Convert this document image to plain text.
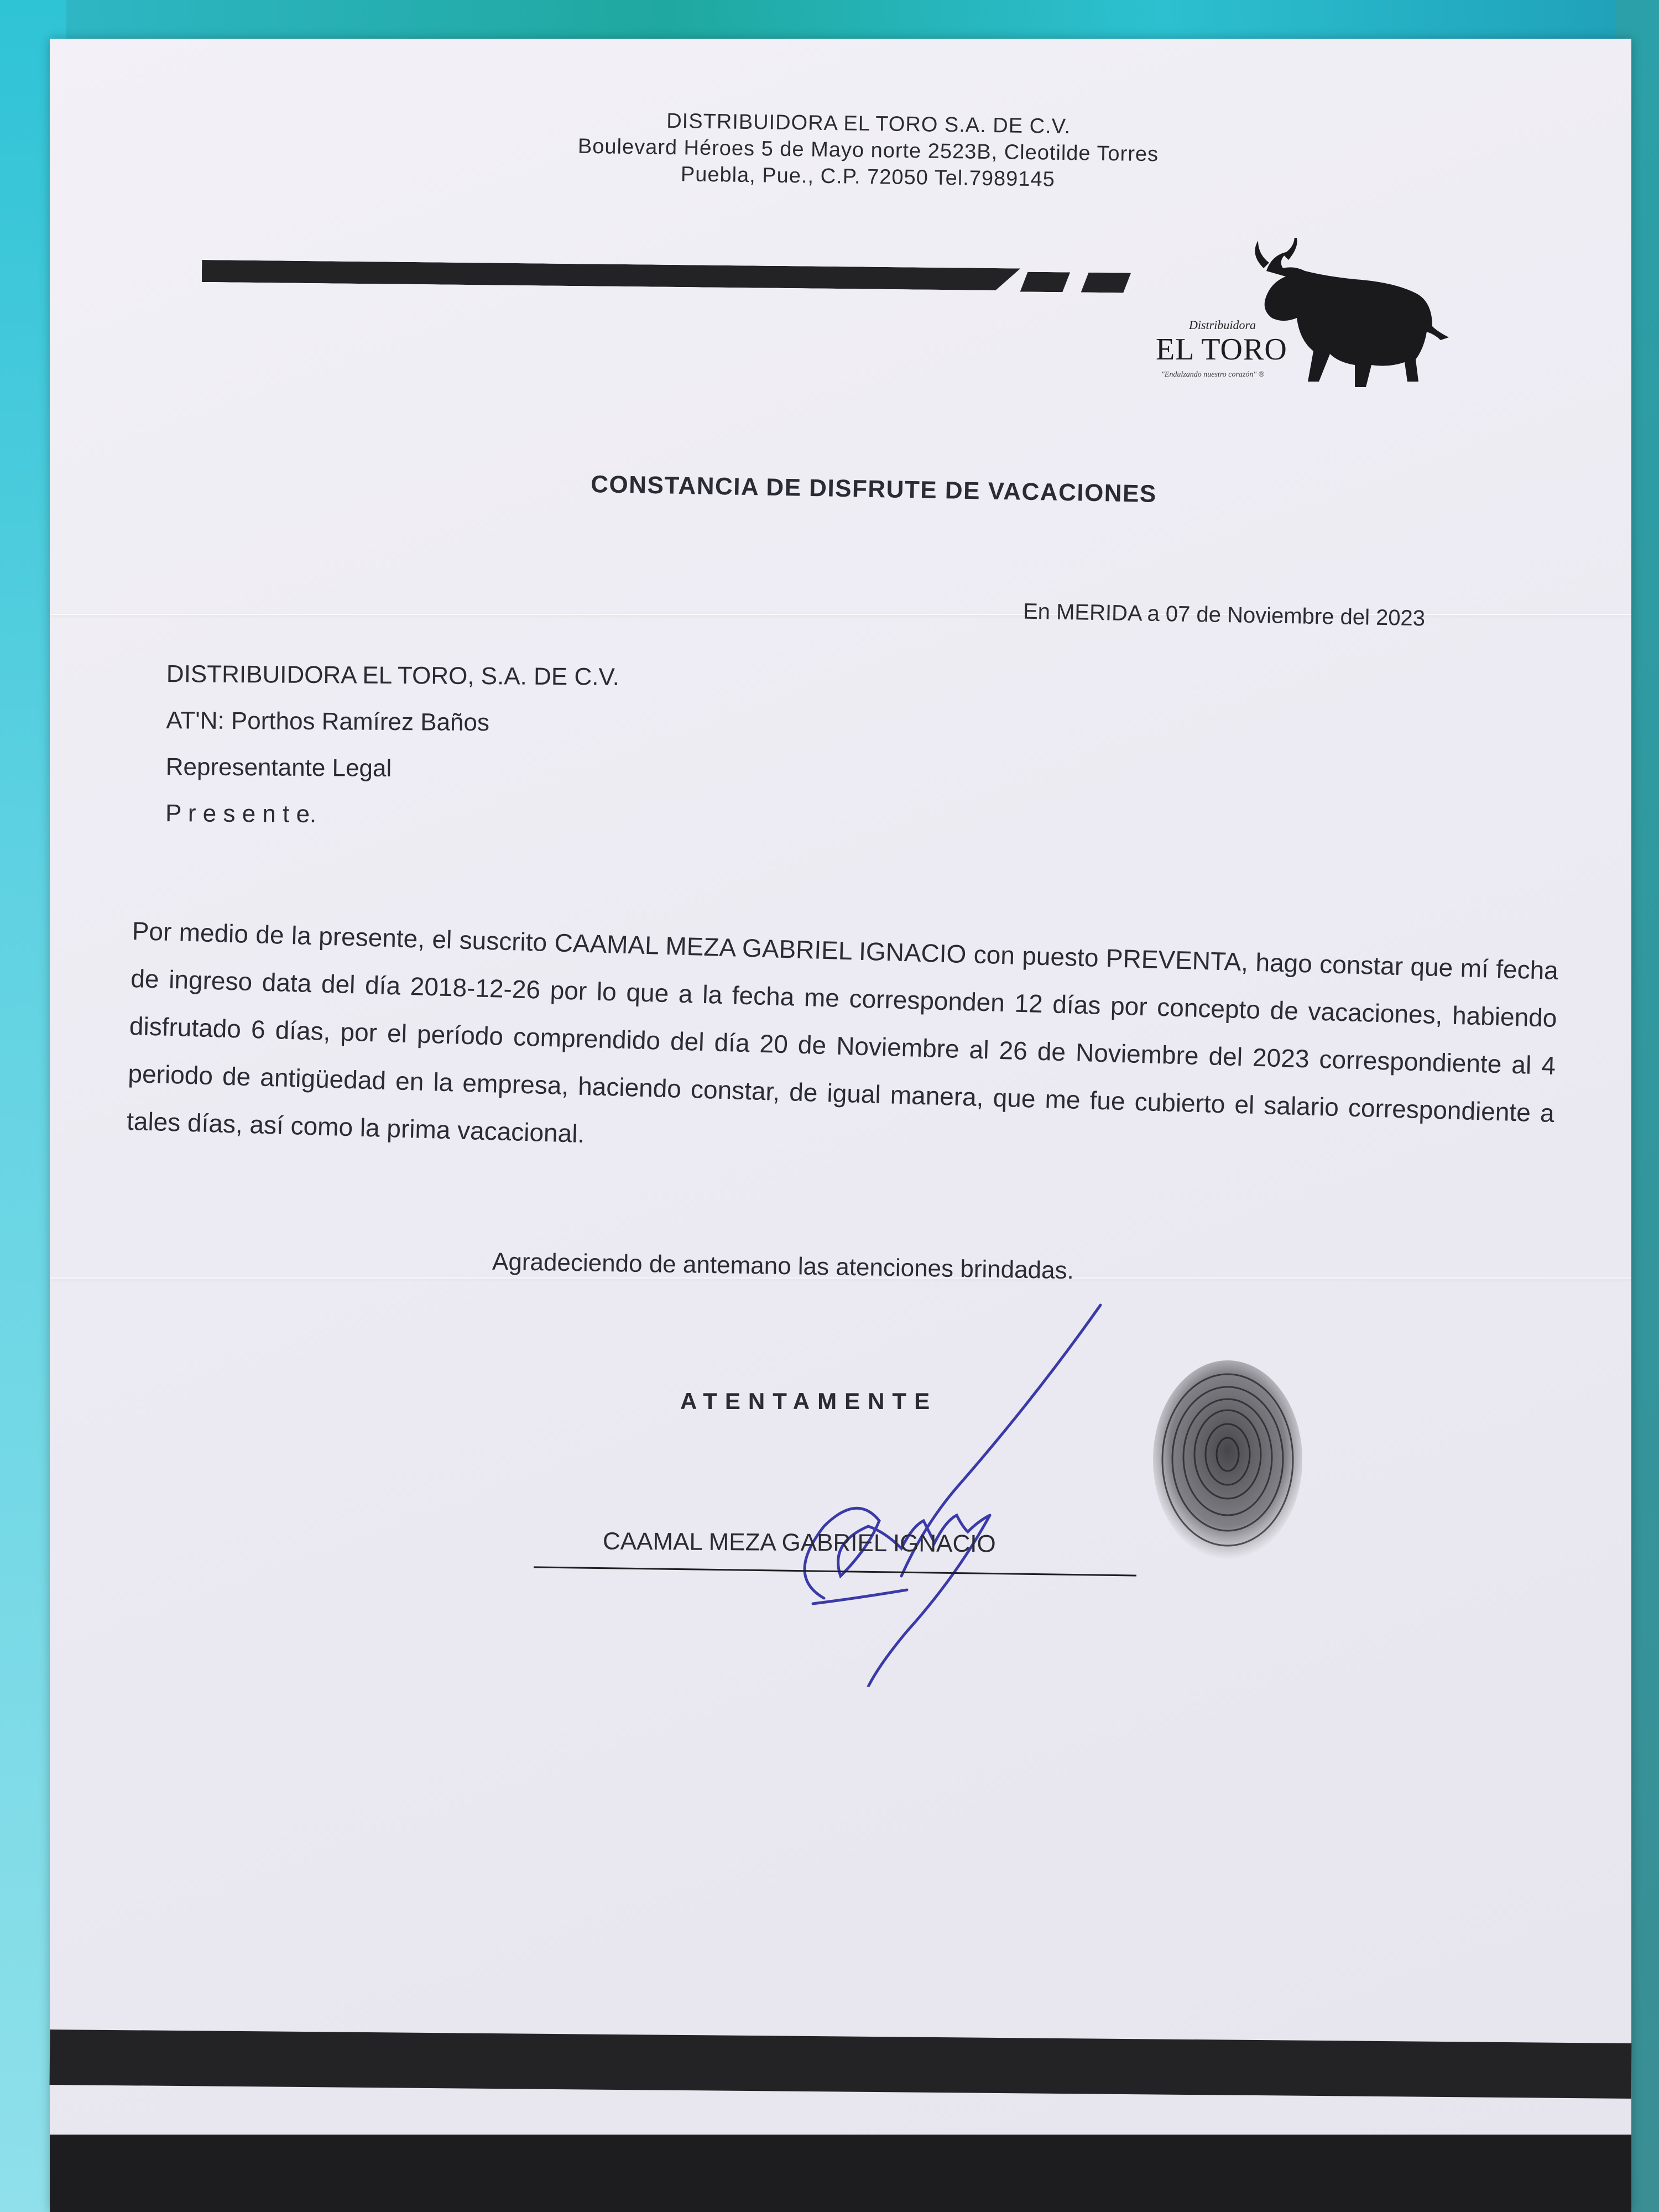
DISTRIBUIDORA EL TORO S.A. DE C.V.
Boulevard Héroes 5 de Mayo norte 2523B, Cleotilde Torres
Puebla, Pue., C.P. 72050 Tel.7989145
Distribuidora
EL TORO
"Endulzando nuestro corazón" ®
CONSTANCIA DE DISFRUTE DE VACACIONES
En MERIDA a 07 de Noviembre del 2023
DISTRIBUIDORA EL TORO, S.A. DE C.V.
AT'N: Porthos Ramírez Baños
Representante Legal
P r e s e n t e.
Por medio de la presente, el suscrito CAAMAL MEZA GABRIEL IGNACIO con puesto PREVENTA, hago constar que mí fecha de ingreso data del día 2018-12-26 por lo que a la fecha me corresponden 12 días por concepto de vacaciones, habiendo disfrutado 6 días, por el período comprendido del día 20 de Noviembre al 26 de Noviembre del 2023 correspondiente al 4 periodo de antigüedad en la empresa, haciendo constar, de igual manera, que me fue cubierto el salario correspondiente a tales días, así como la prima vacacional.
Agradeciendo de antemano las atenciones brindadas.
ATENTAMENTE
CAAMAL MEZA GABRIEL IGNACIO
